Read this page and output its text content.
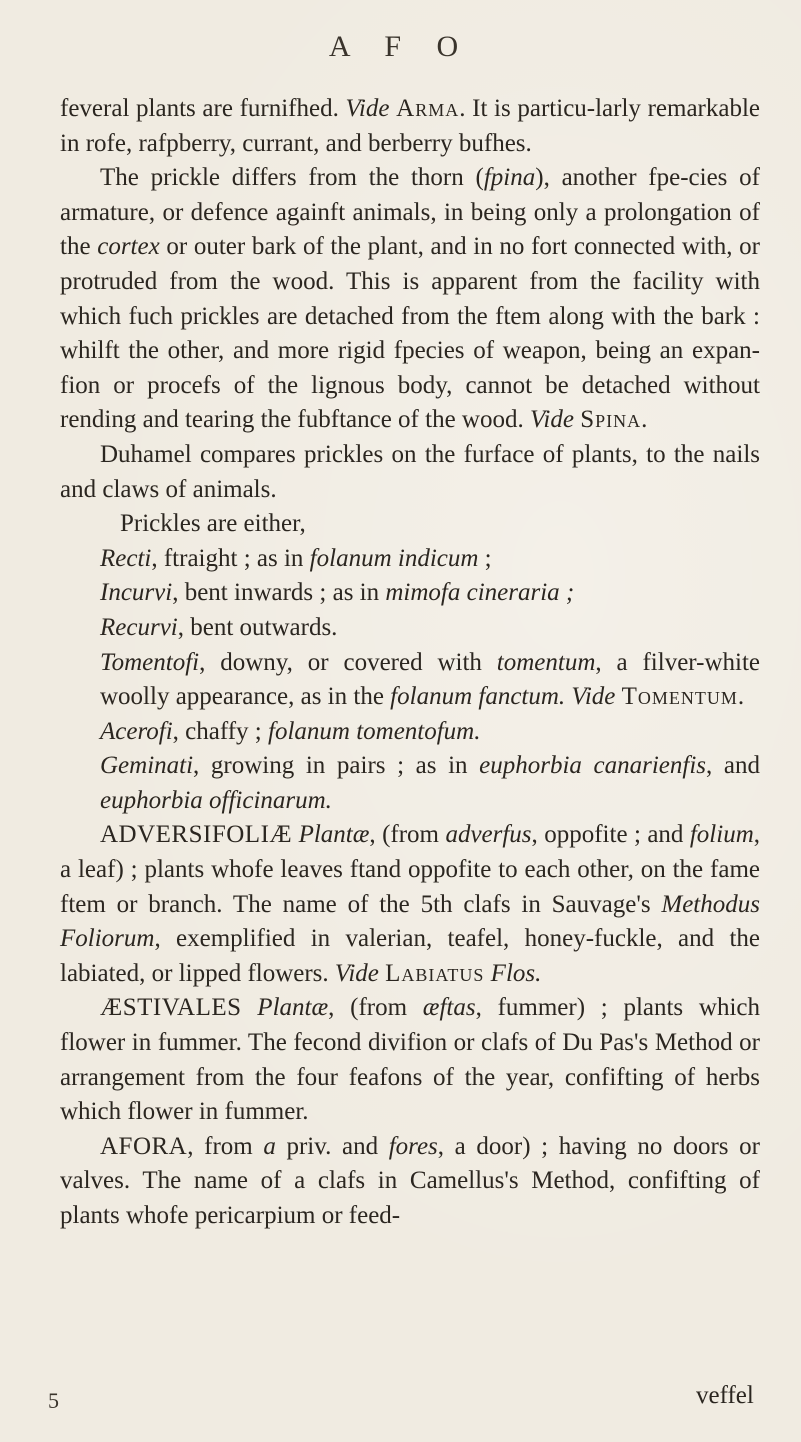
A F O

feveral plants are furnifhed. Vide Arma. It is particu-larly remarkable in rofe, rafpberry, currant, and berberry bufhes.

The prickle differs from the thorn (fpina), another fpe-cies of armature, or defence againft animals, in being only a prolongation of the cortex or outer bark of the plant, and in no fort connected with, or protruded from the wood. This is apparent from the facility with which fuch prickles are detached from the ftem along with the bark : whilft the other, and more rigid fpecies of weapon, being an expan-fion or procefs of the lignous body, cannot be detached without rending and tearing the fubftance of the wood. Vide Spina.

Duhamel compares prickles on the furface of plants, to the nails and claws of animals.

Prickles are either,

Recti, ftraight ; as in folanum indicum ;

Incurvi, bent inwards ; as in mimofa cineraria ;

Recurvi, bent outwards.

Tomentofi, downy, or covered with tomentum, a filver-white woolly appearance, as in the folanum fanctum. Vide Tomentum.

Acerofi, chaffy ; folanum tomentofum.

Geminati, growing in pairs ; as in euphorbia canarienfis, and euphorbia officinarum.

ADVERSIFOLIÆ Plantæ, (from adverfus, oppofite ; and folium, a leaf) ; plants whofe leaves ftand oppofite to each other, on the fame ftem or branch. The name of the 5th clafs in Sauvage's Methodus Foliorum, exemplified in valerian, teafel, honey-fuckle, and the labiated, or lipped flowers. Vide Labiatus Flos.

ÆSTIVALES Plantæ, (from æftas, fummer) ; plants which flower in fummer. The fecond divifion or clafs of Du Pas's Method or arrangement from the four feafons of the year, confifting of herbs which flower in fummer.

AFORA, from a priv. and fores, a door) ; having no doors or valves. The name of a clafs in Camellus's Method, confifting of plants whofe pericarpium or feed-

5	veffel
